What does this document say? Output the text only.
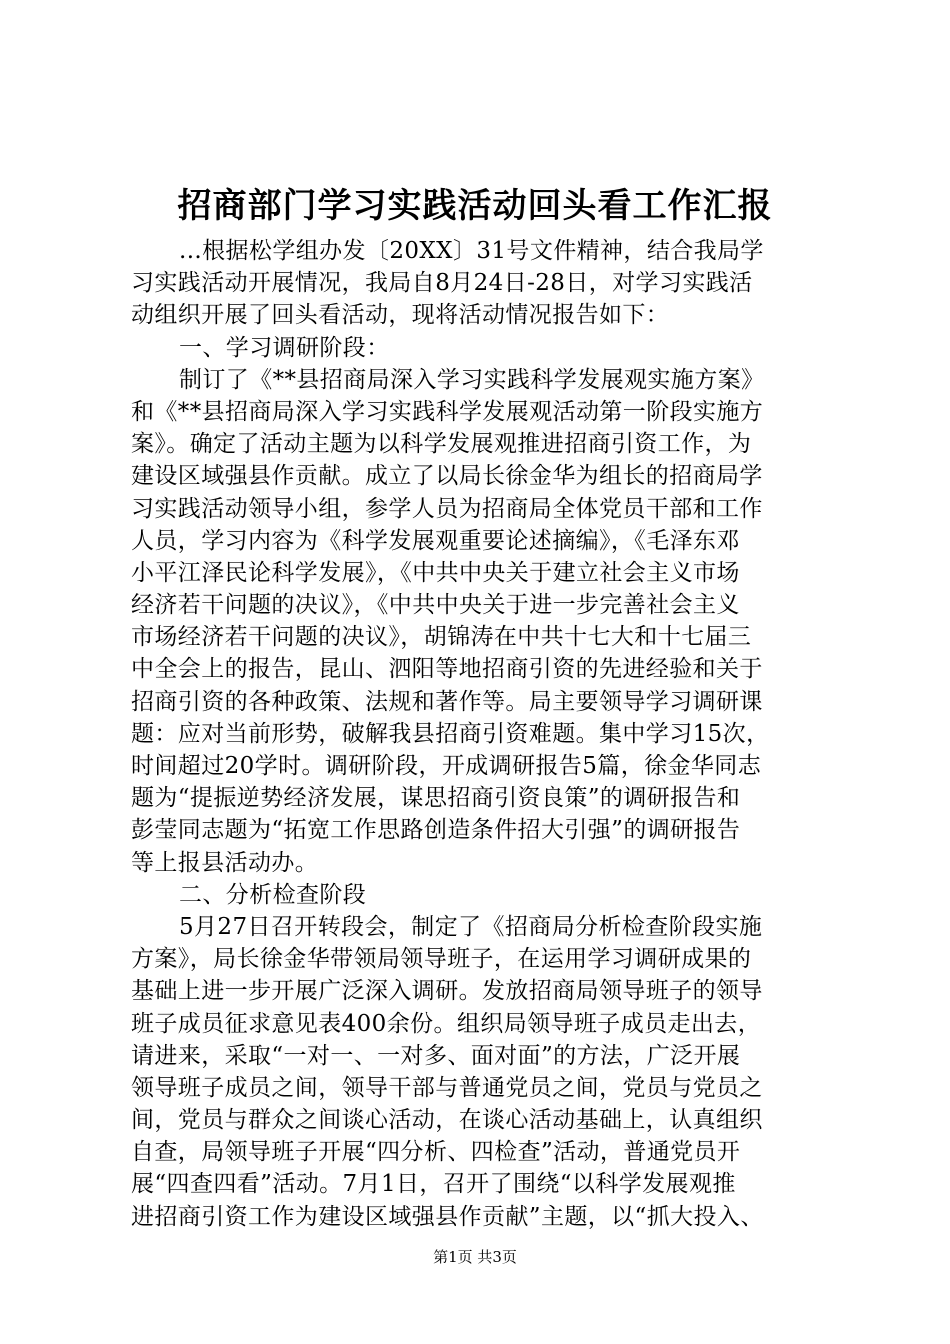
招商部门学习实践活动回头看工作汇报
...根据松学组办发〔20XX〕31号文件精神，结合我局学
习实践活动开展情况，我局自8月24日-28日，对学习实践活
动组织开展了回头看活动，现将活动情况报告如下：
一、学习调研阶段：
制订了《**县招商局深入学习实践科学发展观实施方案》
和《**县招商局深入学习实践科学发展观活动第一阶段实施方
案》。确定了活动主题为以科学发展观推进招商引资工作，为
建设区域强县作贡献。成立了以局长徐金华为组长的招商局学
习实践活动领导小组，参学人员为招商局全体党员干部和工作
人员，学习内容为《科学发展观重要论述摘编》，《毛泽东邓
小平江泽民论科学发展》，《中共中央关于建立社会主义市场
经济若干问题的决议》，《中共中央关于进一步完善社会主义
市场经济若干问题的决议》，胡锦涛在中共十七大和十七届三
中全会上的报告，昆山、泗阳等地招商引资的先进经验和关于
招商引资的各种政策、法规和著作等。局主要领导学习调研课
题：应对当前形势，破解我县招商引资难题。集中学习15次，
时间超过20学时。调研阶段，开成调研报告5篇，徐金华同志
题为“提振逆势经济发展，谋思招商引资良策”的调研报告和
彭莹同志题为“拓宽工作思路创造条件招大引强”的调研报告
等上报县活动办。
二、分析检查阶段
5月27日召开转段会，制定了《招商局分析检查阶段实施
方案》，局长徐金华带领局领导班子，在运用学习调研成果的
基础上进一步开展广泛深入调研。发放招商局领导班子的领导
班子成员征求意见表400余份。组织局领导班子成员走出去，
请进来，采取“一对一、一对多、面对面”的方法，广泛开展
领导班子成员之间，领导干部与普通党员之间，党员与党员之
间，党员与群众之间谈心活动，在谈心活动基础上，认真组织
自查，局领导班子开展“四分析、四检查”活动，普通党员开
展“四查四看”活动。7月1日，召开了围绕“以科学发展观推
进招商引资工作为建设区域强县作贡献”主题，以“抓大投入、
第1页 共3页
